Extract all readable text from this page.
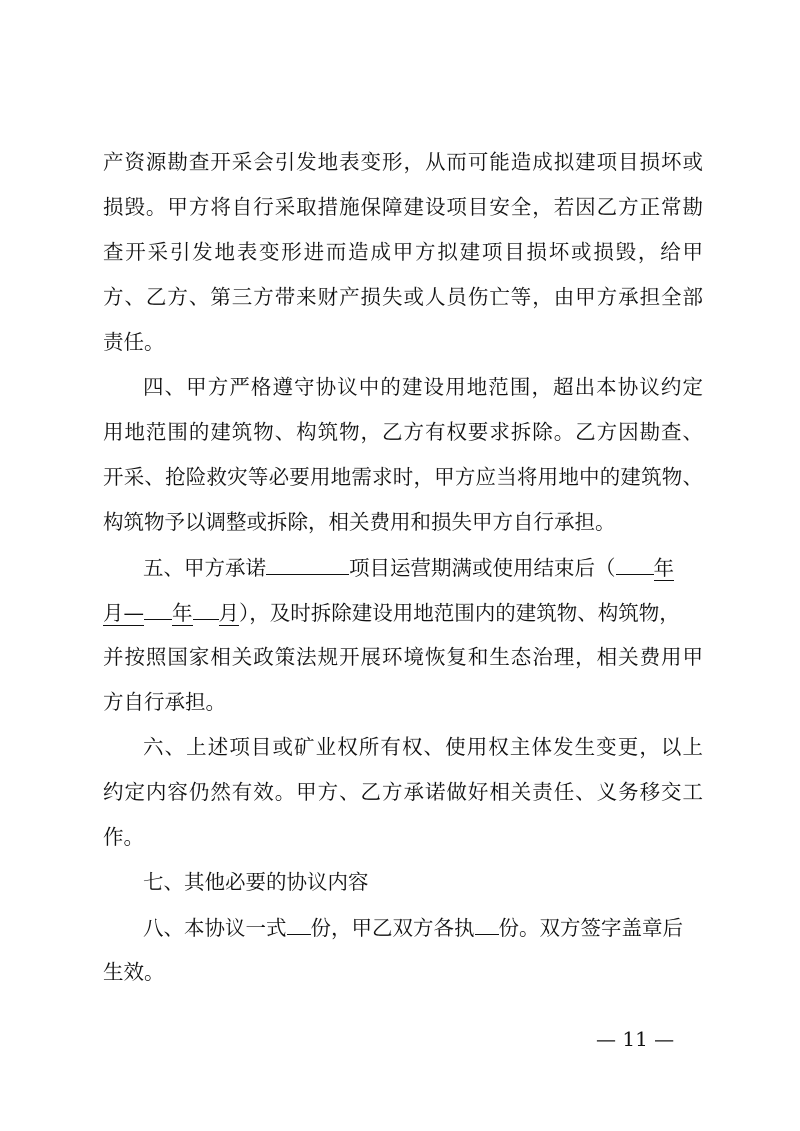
产资源勘查开采会引发地表变形，从而可能造成拟建项目损坏或
损毁。甲方将自行采取措施保障建设项目安全，若因乙方正常勘
查开采引发地表变形进而造成甲方拟建项目损坏或损毁，给甲
方、乙方、第三方带来财产损失或人员伤亡等，由甲方承担全部
责任。
四、甲方严格遵守协议中的建设用地范围，超出本协议约定
用地范围的建筑物、构筑物，乙方有权要求拆除。乙方因勘查、
开采、抢险救灾等必要用地需求时，甲方应当将用地中的建筑物、
构筑物予以调整或拆除，相关费用和损失甲方自行承担。
五、甲方承诺	项目运营期满或使用结束后（ 年
月— 年 月），及时拆除建设用地范围内的建筑物、构筑物，
并按照国家相关政策法规开展环境恢复和生态治理，相关费用甲
方自行承担。
六、上述项目或矿业权所有权、使用权主体发生变更，以上
约定内容仍然有效。甲方、乙方承诺做好相关责任、义务移交工
作。
七、其他必要的协议内容
八、本协议一式 份，甲乙双方各执 份。双方签字盖章后
生效。
— 11 —
